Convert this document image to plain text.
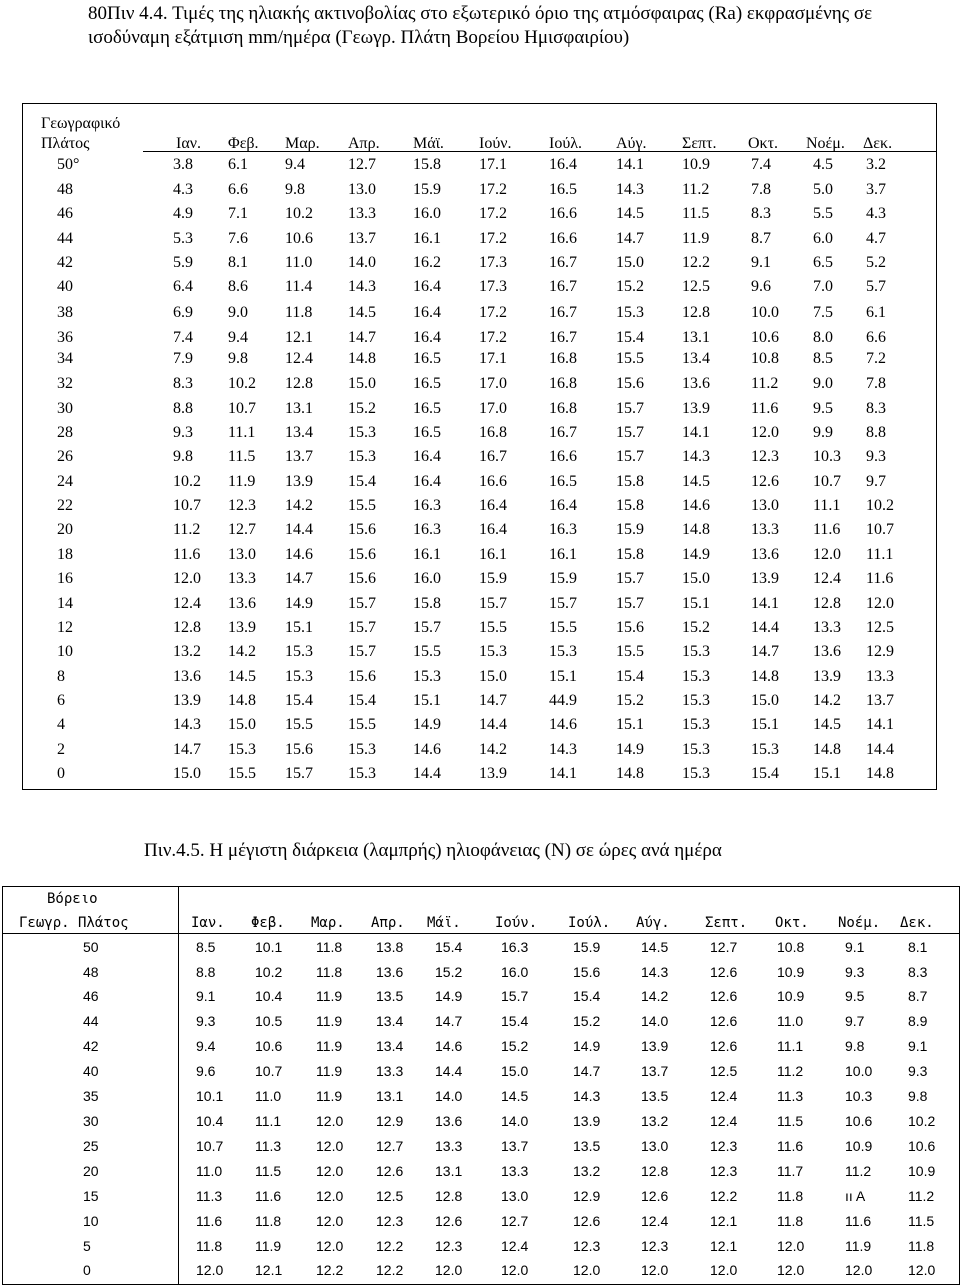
80Πιν 4.4. Τιμές της ηλιακής ακτινοβολίας στο εξωτερικό όριο της ατμόσφαιρας (Ra) εκφρασμένης σε ισοδύναμη εξάτμιση mm/ημέρα (Γεωγρ. Πλάτη Βορείου Ημισφαιρίου)
Γεωγραφικό
Πλάτος	Ιαν. Φεβ. Μαρ. Απρ. Μάϊ. Ιούν. Ιούλ. Αύγ. Σεπτ. Οκτ. Νοέμ. Δεκ.
50°	3.8 6.1 9.4	12.7 15.8 17.1	16.4 14.1 10.9	7.4	4.5 3.2
48	4.3 6.6 9.8	13.0 15.9 17.2	16.5 14.3 11.2	7.8	5.0 3.7
46	4.9 7.1 10.2 13.3 16.0 17.2	16.6 14.5 11.5	8.3	5.5 4.3
44	5.3 7.6 10.6 13.7 16.1 17.2	16.6 14.7 11.9	8.7	6.0 4.7
42	5.9 8.1 11.0 14.0 16.2 17.3	16.7 15.0 12.2	9.1	6.5 5.2
40	6.4 8.6 11.4 14.3 16.4 17.3	16.7 15.2 12.5	9.6	7.0 5.7
38	6.9 9.0 11.8 14.5 16.4 17.2	16.7 15.3 12.8	10.0 7.5 6.1
36	7.4 9.4 12.1 14.7 16.4 17.2	16.7 15.4 13.1	10.6 8.0 6.6
34	7.9 9.8 12.4 14.8 16.5 17.1	16.8 15.5 13.4	10.8 8.5 7.2
32	8.3 10.2 12.8 15.0 16.5 17.0	16.8 15.6 13.6	11.2 9.0 7.8
30	8.8 10.7 13.1 15.2 16.5 17.0	16.8 15.7 13.9	11.6 9.5 8.3
28	9.3 11.1 13.4 15.3 16.5 16.8	16.7 15.7 14.1	12.0 9.9 8.8
26	9.8 11.5 13.7 15.3 16.4 16.7	16.6 15.7 14.3	12.3 10.3 9.3
24	10.2 11.9 13.9 15.4 16.4 16.6	16.5 15.8 14.5	12.6 10.7 9.7
22	10.7 12.3 14.2 15.5 16.3 16.4	16.4 15.8 14.6	13.0 11.1 10.2
20	11.2 12.7 14.4 15.6 16.3 16.4	16.3 15.9 14.8	13.3 11.6 10.7
18	11.6 13.0 14.6 15.6 16.1 16.1	16.1 15.8 14.9	13.6 12.0 11.1
16	12.0 13.3 14.7 15.6 16.0 15.9	15.9 15.7 15.0	13.9 12.4 11.6
14	12.4 13.6 14.9 15.7 15.8 15.7	15.7 15.7 15.1	14.1 12.8 12.0
12	12.8 13.9 15.1 15.7 15.7 15.5	15.5 15.6 15.2	14.4 13.3 12.5
10	13.2 14.2 15.3 15.7 15.5 15.3	15.3 15.5 15.3	14.7 13.6 12.9
8	13.6 14.5 15.3 15.6 15.3 15.0	15.1 15.4 15.3	14.8 13.9 13.3
6	13.9 14.8 15.4 15.4 15.1 14.7	44.9 15.2 15.3	15.0 14.2 13.7
4	14.3 15.0 15.5 15.5 14.9 14.4	14.6 15.1 15.3	15.1 14.5 14.1
2	14.7 15.3 15.6 15.3 14.6 14.2	14.3 14.9 15.3	15.3 14.8 14.4
0	15.0 15.5 15.7 15.3 14.4 13.9	14.1 14.8 15.3	15.4 15.1 14.8
Πιν.4.5. Η μέγιστη διάρκεια (λαμπρής) ηλιοφάνειας (Ν) σε ώρες ανά ημέρα
Βόρειο
Γεωγρ. Πλάτος	Ιαν. Φεβ. Μαρ. Απρ. Μάϊ. Ιούν. Ιούλ. Αύγ.	Σεπτ. Οκτ. Νοέμ. Δεκ.
50	8.5	10.1 11.8 13.8 15.4	16.3	15.9	14.5	12.7	10.8	9.1	8.1
48	8.8	10.2 11.8 13.6 15.2	16.0	15.6	14.3	12.6	10.9	9.3	8.3
46	9.1	10.4 11.9 13.5 14.9	15.7	15.4	14.2	12.6	10.9	9.5	8.7
44	9.3	10.5 11.9 13.4 14.7	15.4	15.2	14.0	12.6	11.0	9.7	8.9
42	9.4	10.6 11.9 13.4 14.6	15.2	14.9	13.9	12.6	11.1	9.8	9.1
40	9.6	10.7 11.9 13.3 14.4	15.0	14.7	13.7	12.5	11.2	10.0	9.3
35	10.1 11.0 11.9 13.1 14.0	14.5	14.3	13.5	12.4	11.3	10.3	9.8
30	10.4 11.1 12.0 12.9 13.6	14.0	13.9	13.2	12.4	11.5	10.6	10.2
25	10.7 11.3 12.0 12.7 13.3	13.7	13.5	13.0	12.3	11.6	10.9	10.6
20	11.0 11.5 12.0 12.6 13.1	13.3	13.2	12.8	12.3	11.7	11.2	10.9
15	11.3 11.6 12.0 12.5 12.8	13.0	12.9	12.6	12.2	11.8	ıı A	11.2
10	11.6 11.8 12.0 12.3 12.6	12.7	12.6	12.4	12.1	11.8	11.6	11.5
5	11.8 11.9 12.0 12.2 12.3	12.4	12.3	12.3	12.1	12.0	11.9	11.8
0	12.0 12.1 12.2 12.2 12.0	12.0	12.0	12.0	12.0	12.0	12.0	12.0
